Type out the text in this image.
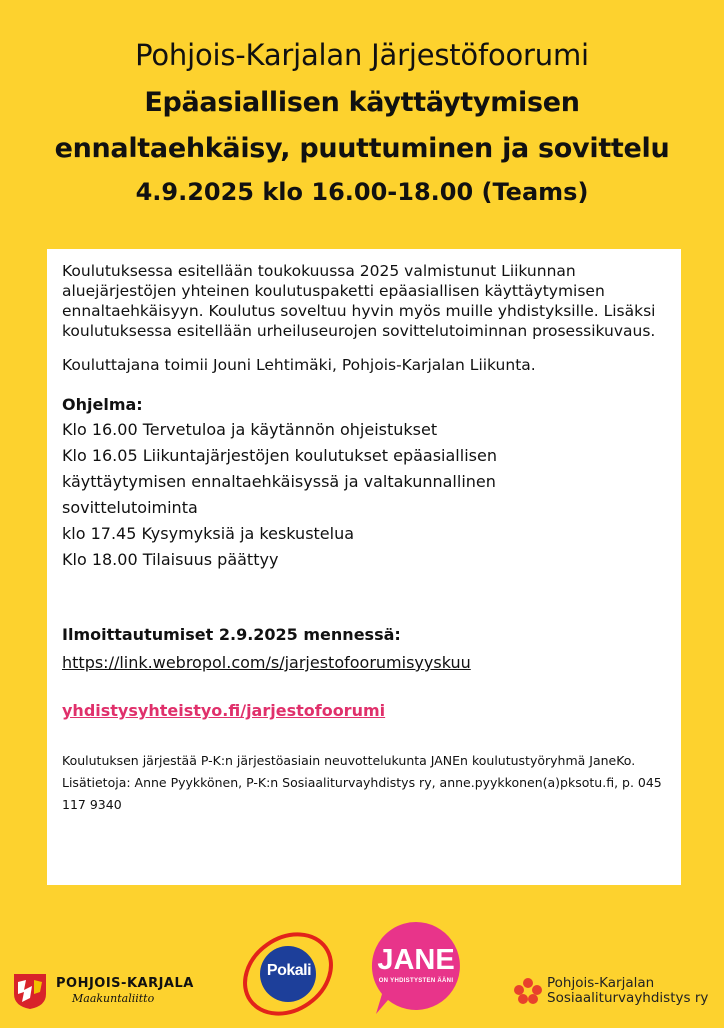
Pohjois-Karjalan Järjestöfoorumi
Epäasiallisen käyttäytymisen
ennaltaehkäisy, puuttuminen ja sovittelu
4.9.2025 klo 16.00-18.00 (Teams)

Koulutuksessa esitellään toukokuussa 2025 valmistunut Liikunnan aluejärjestöjen yhteinen koulutuspaketti epäasiallisen käyttäytymisen ennaltaehkäisyyn. Koulutus soveltuu hyvin myös muille yhdistyksille. Lisäksi koulutuksessa esitellään urheiluseurojen sovittelutoiminnan prosessikuvaus.

Kouluttajana toimii Jouni Lehtimäki, Pohjois-Karjalan Liikunta.

Ohjelma:
Klo 16.00 Tervetuloa ja käytännön ohjeistukset
Klo 16.05 Liikuntajärjestöjen koulutukset epäasiallisen
käyttäytymisen ennaltaehkäisyssä ja valtakunnallinen
sovittelutoiminta
klo 17.45 Kysymyksiä ja keskustelua
Klo 18.00 Tilaisuus päättyy
Ilmoittautumiset 2.9.2025 mennessä:
https://link.webropol.com/s/jarjestofoorumisyyskuu
yhdistysyhteistyo.fi/jarjestofoorumi

Koulutuksen järjestää P-K:n järjestöasiain neuvottelukunta JANEn koulutustyöryhmä JaneKo. Lisätietoja: Anne Pyykkönen, P-K:n Sosiaaliturvayhdistys ry, anne.pyykkonen(a)pksotu.fi, p. 045 117 9340

POHJOIS-KARJALA
Maakuntaliitto
Pokali	JANE
ON YHDISTYSTEN ÄÄNI	Pohjois-Karjalan
Sosiaaliturvayhdistys ry
